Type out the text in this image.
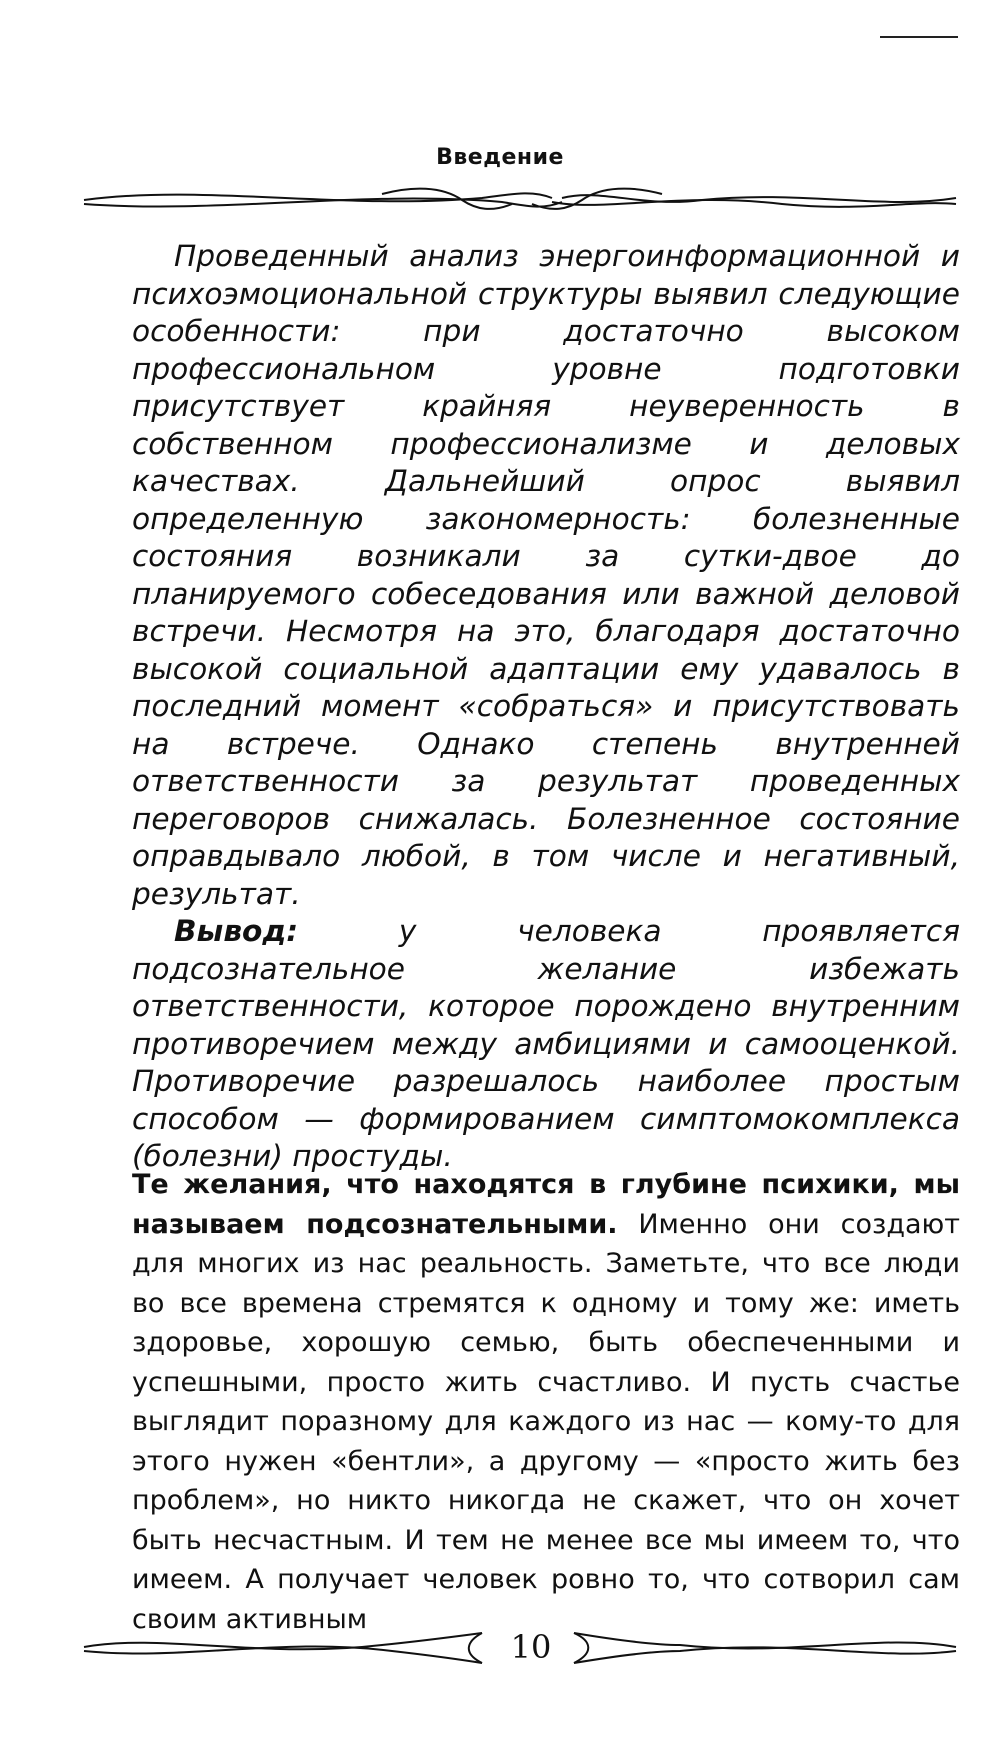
Введение

Проведенный анализ энергоинформационной и психоэмоциональной структуры выявил следующие особенности: при достаточно высоком профессиональном уровне подготовки присутствует крайняя неуверенность в собственном профессионализме и деловых качествах. Дальнейший опрос выявил определенную закономерность: болезненные состояния возникали за сутки-двое до планируемого собеседования или важной деловой встречи. Несмотря на это, благодаря достаточно высокой социальной адаптации ему удавалось в последний момент «собраться» и присутствовать на встрече. Однако степень внутренней ответственности за результат проведенных переговоров снижалась. Болезненное состояние оправдывало любой, в том числе и негативный, результат.

Вывод: у человека проявляется подсознательное желание избежать ответственности, которое порождено внутренним противоречием между амбициями и самооценкой. Противоречие разрешалось наиболее простым способом — формированием симптомокомплекса (болезни) простуды.

Те желания, что находятся в глубине психики, мы называем подсознательными. Именно они создают для многих из нас реальность. Заметьте, что все люди во все времена стремятся к одному и тому же: иметь здоровье, хорошую семью, быть обеспеченными и успешными, просто жить счастливо. И пусть счастье выглядит поразному для каждого из нас — кому-то для этого нужен «бентли», а другому — «просто жить без проблем», но никто никогда не скажет, что он хочет быть несчастным. И тем не менее все мы имеем то, что имеем. А получает человек ровно то, что сотворил сам своим активным

10
